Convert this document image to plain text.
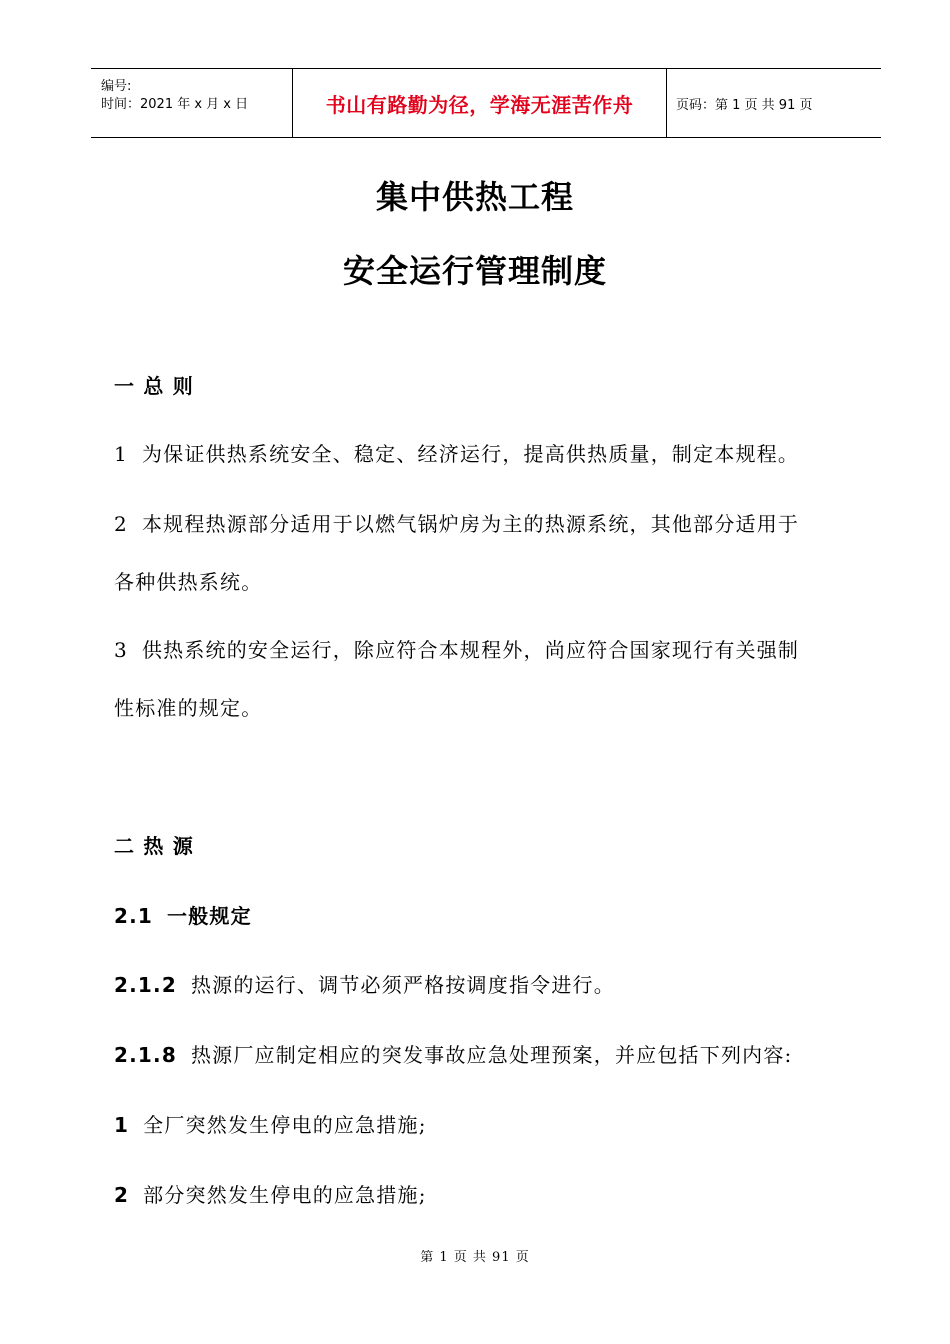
编号:
时间：2021 年 x 月 x 日	书山有路勤为径，学海无涯苦作舟	页码：第 1 页 共 91 页
集中供热工程
安全运行管理制度
一 总 则
1 为保证供热系统安全、稳定、经济运行，提高供热质量，制定本规程。
2 本规程热源部分适用于以燃气锅炉房为主的热源系统，其他部分适用于
各种供热系统。
3 供热系统的安全运行，除应符合本规程外，尚应符合国家现行有关强制
性标准的规定。
二 热 源
2.1 一般规定
2.1.2 热源的运行、调节必须严格按调度指令进行。
2.1.8 热源厂应制定相应的突发事故应急处理预案，并应包括下列内容:
1 全厂突然发生停电的应急措施;
2 部分突然发生停电的应急措施;
第 1 页 共 91 页
